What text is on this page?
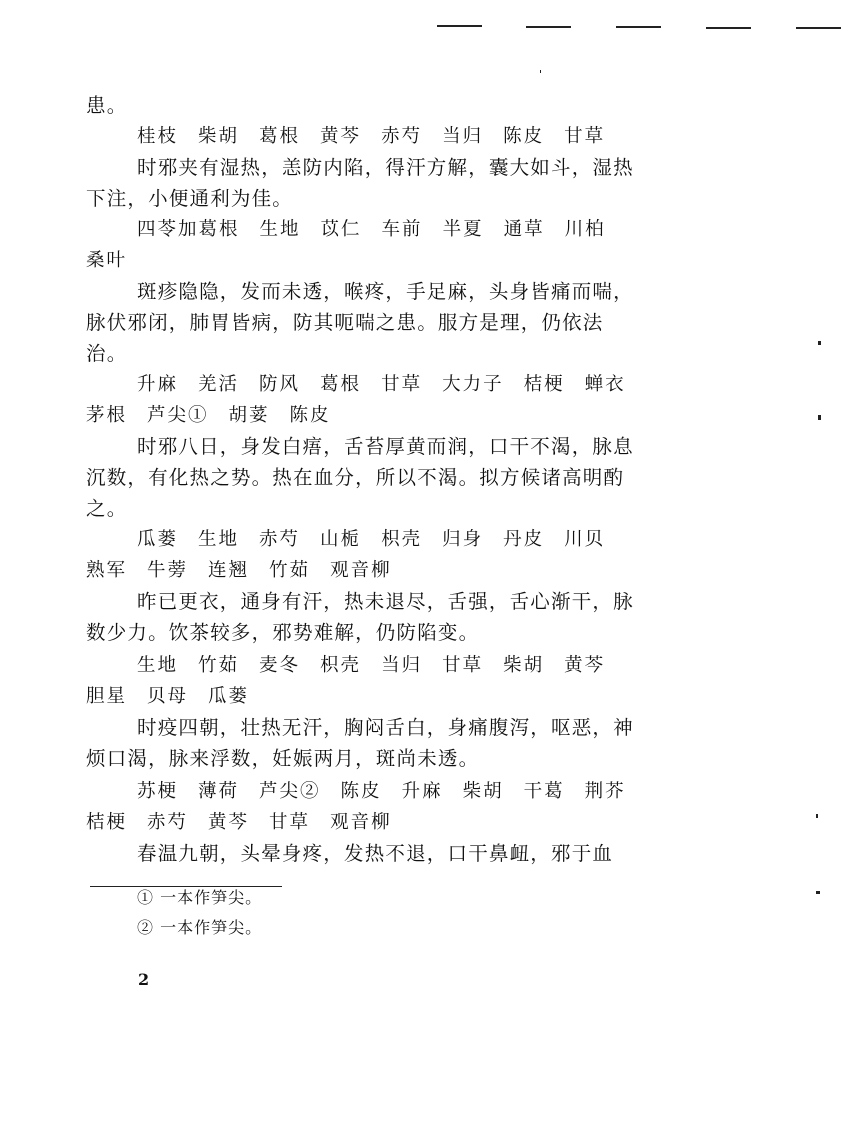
患。
桂枝 柴胡 葛根 黄芩 赤芍 当归 陈皮 甘草
时邪夹有湿热，恙防内陷，得汗方解，囊大如斗，湿热
下注，小便通利为佳。
四苓加葛根 生地 苡仁 车前 半夏 通草 川柏
桑叶
斑疹隐隐，发而未透，喉疼，手足麻，头身皆痛而喘，
脉伏邪闭，肺胃皆病，防其呃喘之患。服方是理，仍依法
治。
升麻 羌活 防风 葛根 甘草 大力子 桔梗 蝉衣
茅根 芦尖① 胡荽 陈皮
时邪八日，身发白痦，舌苔厚黄而润，口干不渴，脉息
沉数，有化热之势。热在血分，所以不渴。拟方候诸高明酌
之。
瓜蒌 生地 赤芍 山栀 枳壳 归身 丹皮 川贝
熟军 牛蒡 连翘 竹茹 观音柳
昨已更衣，通身有汗，热未退尽，舌强，舌心渐干，脉
数少力。饮茶较多，邪势难解，仍防陷变。
生地 竹茹 麦冬 枳壳 当归 甘草 柴胡 黄芩
胆星 贝母 瓜蒌
时疫四朝，壮热无汗，胸闷舌白，身痛腹泻，呕恶，神
烦口渴，脉来浮数，妊娠两月，斑尚未透。
苏梗 薄荷 芦尖② 陈皮 升麻 柴胡 干葛 荆芥
桔梗 赤芍 黄芩 甘草 观音柳
春温九朝，头晕身疼，发热不退，口干鼻衄，邪于血
① 一本作笋尖。
② 一本作笋尖。
2
